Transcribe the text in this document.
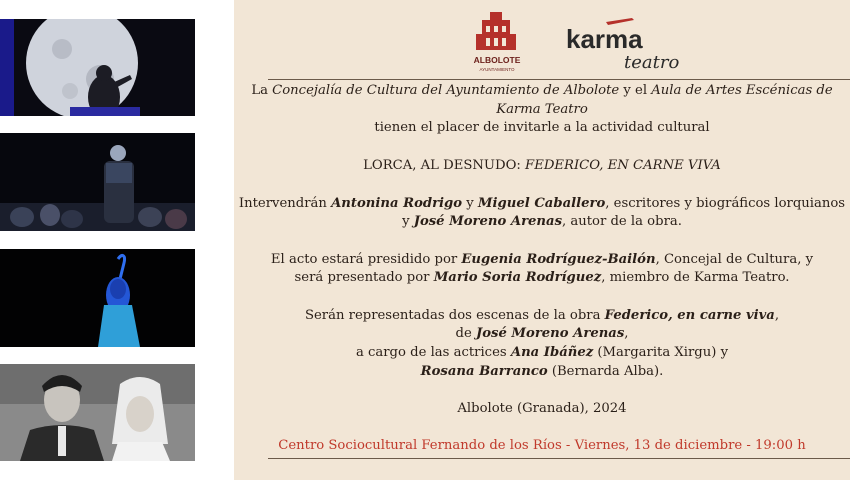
ALBOLOTE
AYUNTAMIENTO
karma
teatro
La Concejalía de Cultura del Ayuntamiento de Albolote y el Aula de Artes Escénicas de
Karma Teatro
tienen el placer de invitarle a la actividad cultural
LORCA, AL DESNUDO: FEDERICO, EN CARNE VIVA
Intervendrán Antonina Rodrigo y Miguel Caballero, escritores y biográficos lorquianos
y José Moreno Arenas, autor de la obra.
El acto estará presidido por Eugenia Rodríguez-Bailón, Concejal de Cultura, y
será presentado por Mario Soria Rodríguez, miembro de Karma Teatro.
Serán representadas dos escenas de la obra Federico, en carne viva,
de José Moreno Arenas,
a cargo de las actrices Ana Ibáñez (Margarita Xirgu) y
Rosana Barranco (Bernarda Alba).
Albolote (Granada), 2024
Centro Sociocultural Fernando de los Ríos - Viernes, 13 de diciembre - 19:00 h
